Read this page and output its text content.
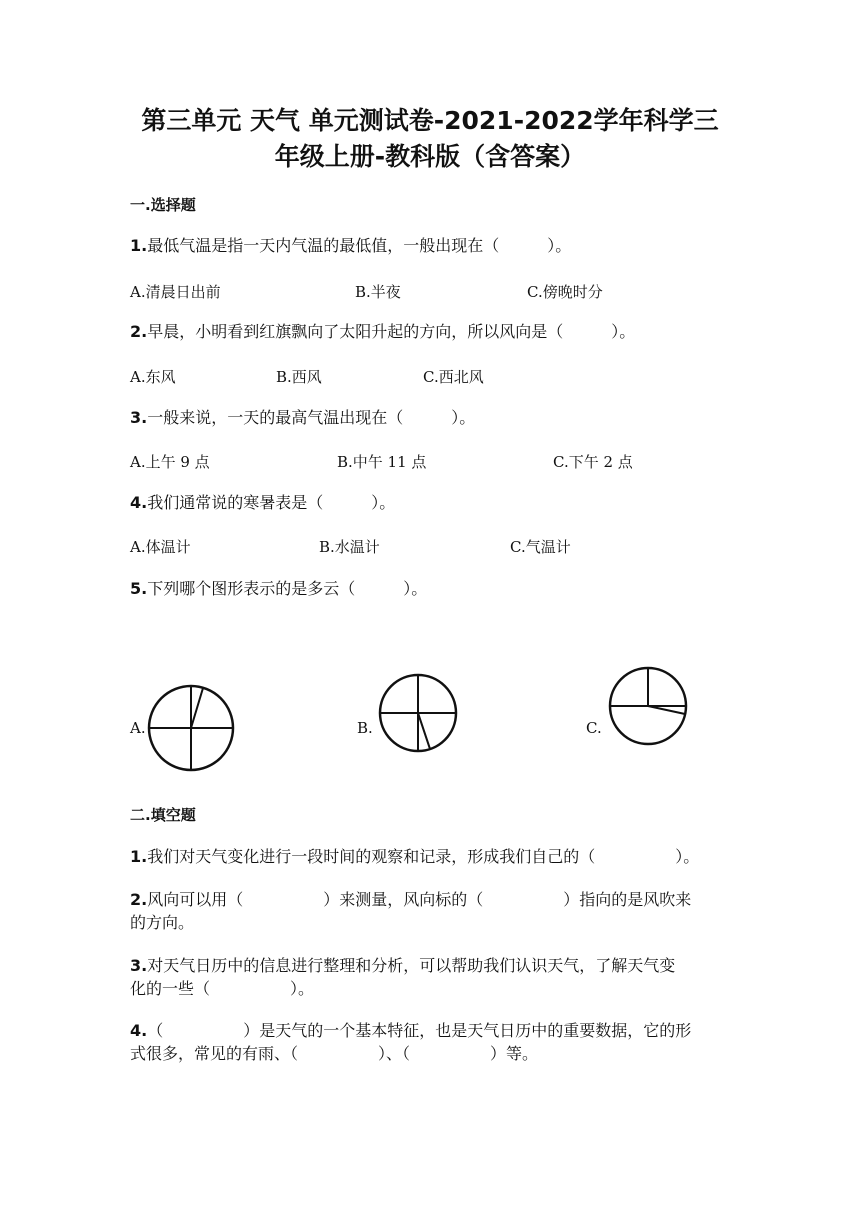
第三单元 天气 单元测试卷-2021-2022学年科学三
年级上册-教科版（含答案）

一.选择题

1.最低气温是指一天内气温的最低值，一般出现在（　　　）。

A.清晨日出前	B.半夜	C.傍晚时分

2.早晨，小明看到红旗飘向了太阳升起的方向，所以风向是（　　　）。

A.东风	B.西风	C.西北风

3.一般来说，一天的最高气温出现在（　　　）。

A.上午 9 点	B.中午 11 点	C.下午 2 点

4.我们通常说的寒暑表是（　　　）。

A.体温计	B.水温计	C.气温计

5.下列哪个图形表示的是多云（　　　）。

A.	B.	C.

二.填空题

1.我们对天气变化进行一段时间的观察和记录，形成我们自己的（　　　　　）。

2.风向可以用（　　　　　）来测量，风向标的（　　　　　）指向的是风吹来
的方向。

3.对天气日历中的信息进行整理和分析，可以帮助我们认识天气，了解天气变
化的一些（　　　　　）。

4.（　　　　　）是天气的一个基本特征，也是天气日历中的重要数据，它的形
式很多，常见的有雨、（　　　　　）、（　　　　　）等。
